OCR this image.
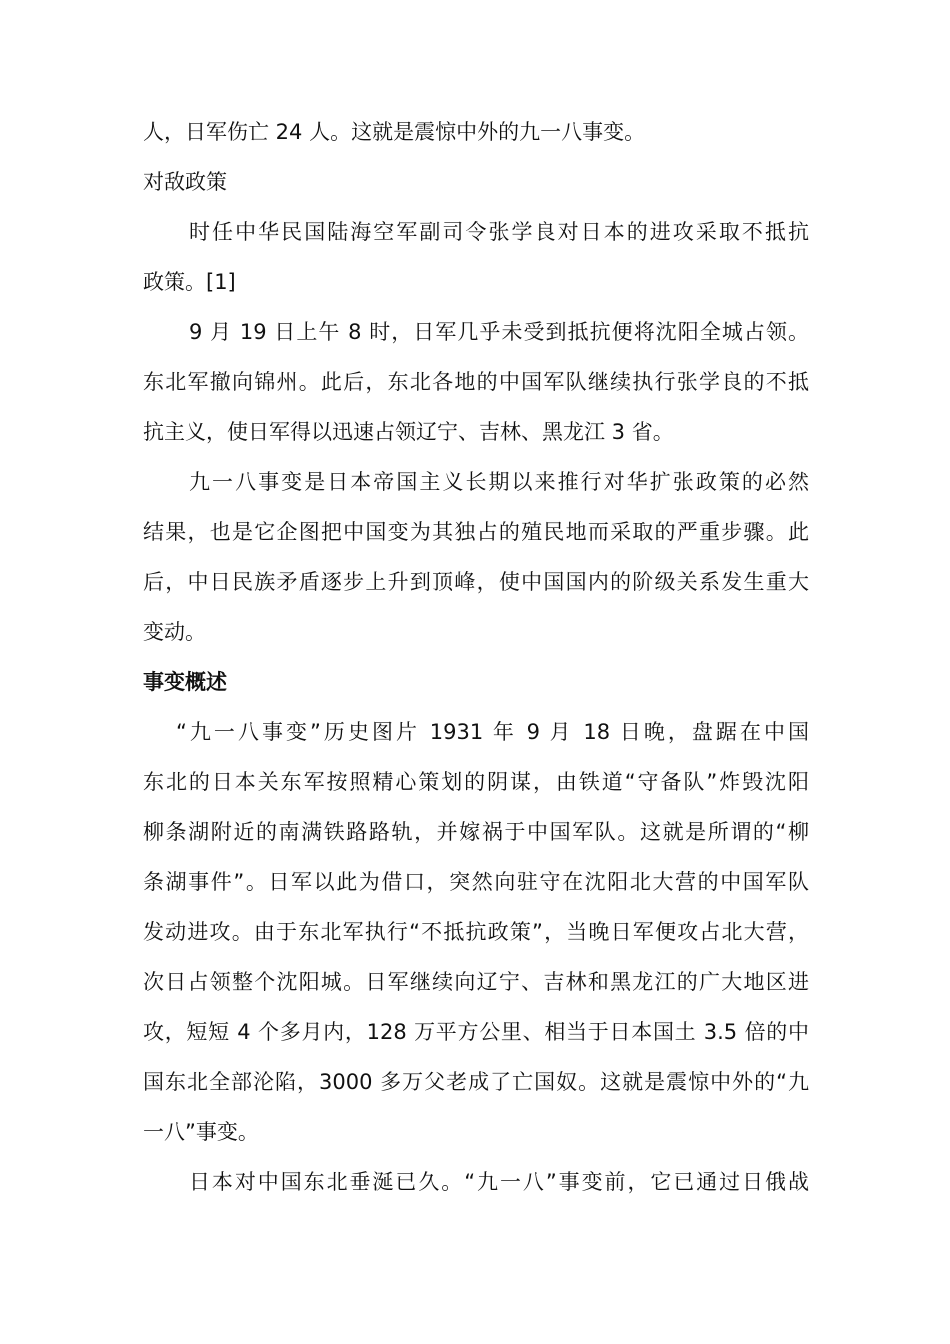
人，日军伤亡 24 人。这就是震惊中外的九一八事变。
对敌政策
时任中华民国陆海空军副司令张学良对日本的进攻采取不抵抗
政策。[1]
9 月 19 日上午 8 时，日军几乎未受到抵抗便将沈阳全城占领。
东北军撤向锦州。此后，东北各地的中国军队继续执行张学良的不抵
抗主义，使日军得以迅速占领辽宁、吉林、黑龙江 3 省。
九一八事变是日本帝国主义长期以来推行对华扩张政策的必然
结果，也是它企图把中国变为其独占的殖民地而采取的严重步骤。此
后，中日民族矛盾逐步上升到顶峰，使中国国内的阶级关系发生重大
变动。
事变概述
“九一八事变”历史图片 1931 年 9 月 18 日晚，盘踞在中国
东北的日本关东军按照精心策划的阴谋，由铁道“守备队”炸毁沈阳
柳条湖附近的南满铁路路轨，并嫁祸于中国军队。这就是所谓的“柳
条湖事件”。日军以此为借口，突然向驻守在沈阳北大营的中国军队
发动进攻。由于东北军执行“不抵抗政策”，当晚日军便攻占北大营，
次日占领整个沈阳城。日军继续向辽宁、吉林和黑龙江的广大地区进
攻，短短 4 个多月内，128 万平方公里、相当于日本国土 3.5 倍的中
国东北全部沦陷，3000 多万父老成了亡国奴。这就是震惊中外的“九
一八”事变。
日本对中国东北垂涎已久。“九一八”事变前，它已通过日俄战
